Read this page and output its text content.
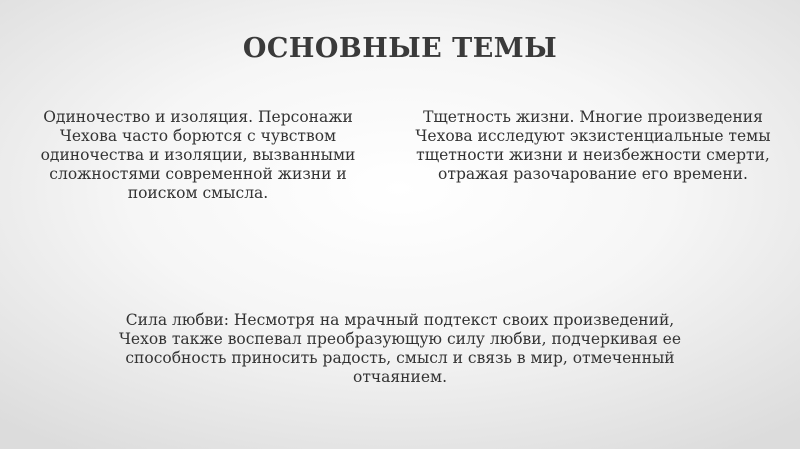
ОСНОВНЫЕ ТЕМЫ

Одиночество и изоляция. Персонажи Чехова часто борются с чувством одиночества и изоляции, вызванными сложностями современной жизни и поиском смысла.

Тщетность жизни. Многие произведения Чехова исследуют экзистенциальные темы тщетности жизни и неизбежности смерти, отражая разочарование его времени.

Сила любви: Несмотря на мрачный подтекст своих произведений, Чехов также воспевал преобразующую силу любви, подчеркивая ее способность приносить радость, смысл и связь в мир, отмеченный отчаянием.
